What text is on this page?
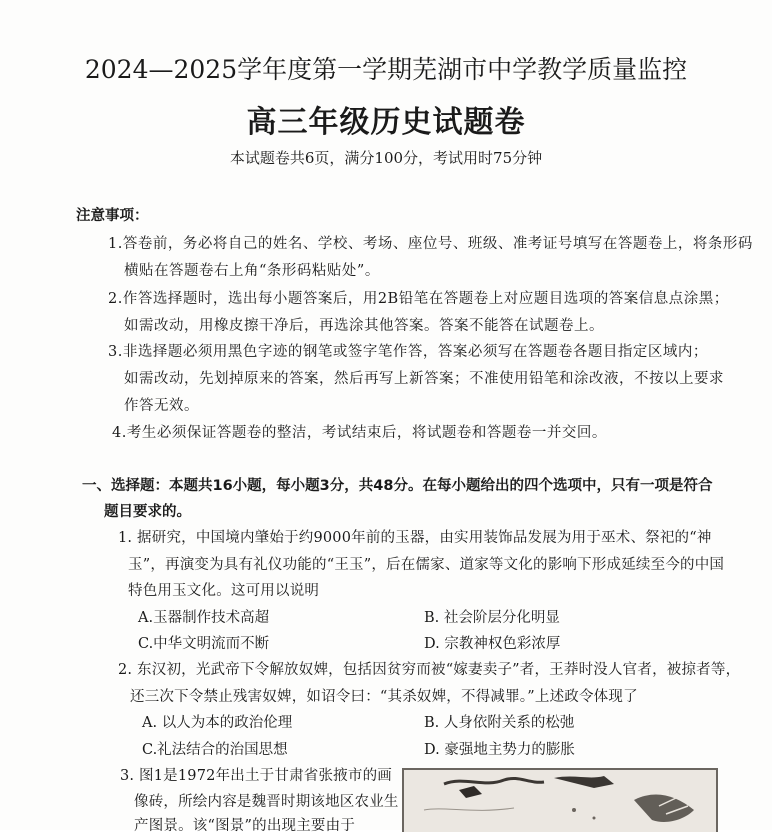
2024—2025学年度第一学期芜湖市中学教学质量监控
高三年级历史试题卷
本试题卷共6页，满分100分，考试用时75分钟
注意事项：
1.答卷前，务必将自己的姓名、学校、考场、座位号、班级、准考证号填写在答题卷上，将条形码
横贴在答题卷右上角“条形码粘贴处”。
2.作答选择题时，选出每小题答案后，用2B铅笔在答题卷上对应题目选项的答案信息点涂黑；
如需改动，用橡皮擦干净后，再选涂其他答案。答案不能答在试题卷上。
3.非选择题必须用黑色字迹的钢笔或签字笔作答，答案必须写在答题卷各题目指定区域内；
如需改动，先划掉原来的答案，然后再写上新答案；不准使用铅笔和涂改液，不按以上要求
作答无效。
4.考生必须保证答题卷的整洁，考试结束后，将试题卷和答题卷一并交回。
一、选择题：本题共16小题，每小题3分，共48分。在每小题给出的四个选项中，只有一项是符合
题目要求的。
1. 据研究，中国境内肇始于约9000年前的玉器，由实用装饰品发展为用于巫术、祭祀的“神
玉”，再演变为具有礼仪功能的“王玉”，后在儒家、道家等文化的影响下形成延续至今的中国
特色用玉文化。这可用以说明
A.玉器制作技术高超	B. 社会阶层分化明显
C.中华文明流而不断	D. 宗教神权色彩浓厚
2. 东汉初，光武帝下令解放奴婢，包括因贫穷而被“嫁妻卖子”者，王莽时没人官者，被掠者等，
还三次下令禁止残害奴婢，如诏令曰：“其杀奴婢，不得减罪。”上述政令体现了
A. 以人为本的政治伦理	B. 人身依附关系的松弛
C.礼法结合的治国思想	D. 豪强地主势力的膨胀
3. 图1是1972年出土于甘肃省张掖市的画
像砖，所绘内容是魏晋时期该地区农业生
产图景。该“图景”的出现主要由于
